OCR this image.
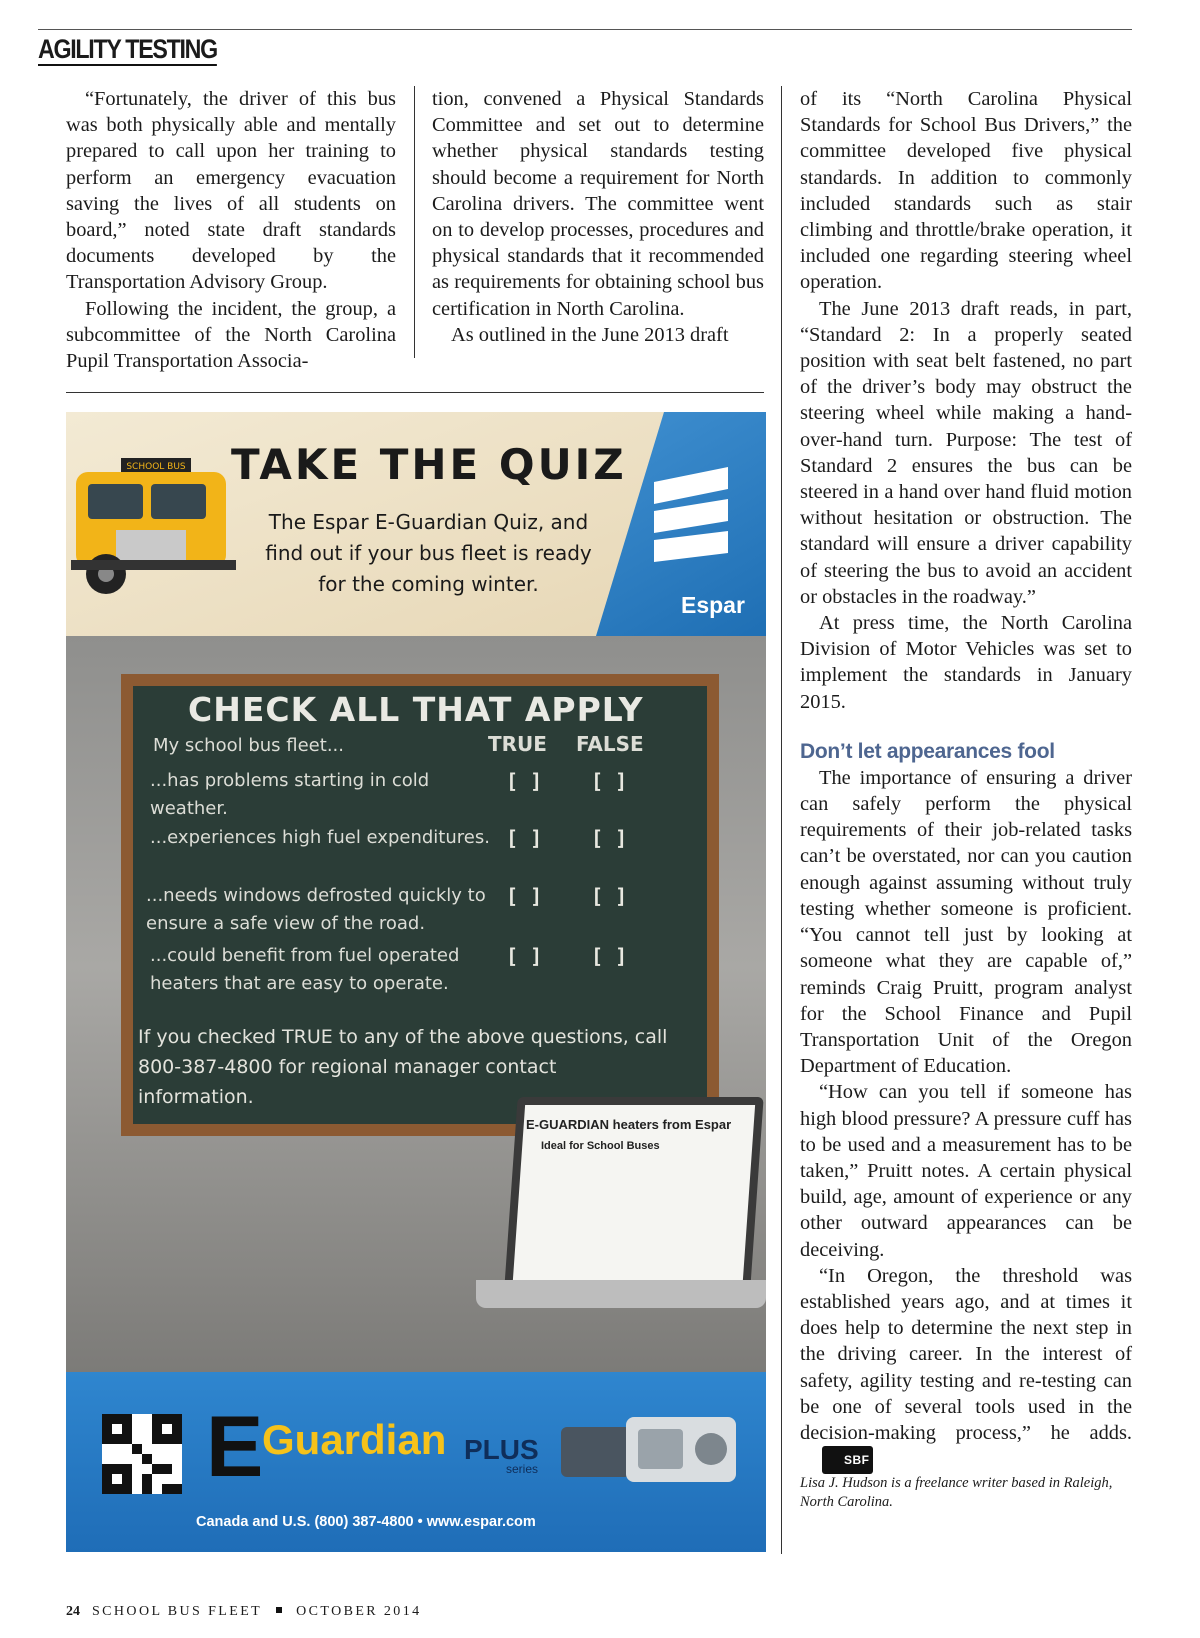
AGILITY TESTING

“Fortunately, the driver of this bus was both physically able and mentally prepared to call upon her training to perform an emergency evacuation saving the lives of all students on board,” noted state draft standards documents developed by the Transportation Advisory Group.

Following the incident, the group, a subcommittee of the North Carolina Pupil Transportation Associa-

tion, convened a Physical Standards Committee and set out to determine whether physical standards testing should become a requirement for North Carolina drivers. The committee went on to develop processes, procedures and physical standards that it recommended as requirements for obtaining school bus certification in North Carolina.

As outlined in the June 2013 draft

of its “North Carolina Physical Standards for School Bus Drivers,” the committee developed five physical standards. In addition to commonly included standards such as stair climbing and throttle/brake operation, it included one regarding steering wheel operation.

The June 2013 draft reads, in part, “Standard 2: In a properly seated position with seat belt fastened, no part of the driver’s body may obstruct the steering wheel while making a hand-over-hand turn. Purpose: The test of Standard 2 ensures the bus can be steered in a hand over hand fluid motion without hesitation or obstruction. The standard will ensure a driver capability of steering the bus to avoid an accident or obstacles in the roadway.”

At press time, the North Carolina Division of Motor Vehicles was set to implement the standards in January 2015.

Don’t let appearances fool

The importance of ensuring a driver can safely perform the physical requirements of their job-related tasks can’t be overstated, nor can you caution enough against assuming without truly testing whether someone is proficient. “You cannot tell just by looking at someone what they are capable of,” reminds Craig Pruitt, program analyst for the School Finance and Pupil Transportation Unit of the Oregon Department of Education.

“How can you tell if someone has high blood pressure? A pressure cuff has to be used and a measurement has to be taken,” Pruitt notes. A certain physical build, age, amount of experience or any other outward appearances can be deceiving.

“In Oregon, the threshold was established years ago, and at times it does help to determine the next step in the driving career. In the interest of safety, agility testing and re-testing can be one of several tools used in the decision-making process,” he adds.SBF

Lisa J. Hudson is a freelance writer based in Raleigh, North Carolina.

SCHOOL BUS TAKE THE QUIZ
The Espar E-Guardian Quiz, and find out if your bus fleet is ready for the coming winter.
Espar
CHECK ALL THAT APPLY
My school bus fleet...	TRUE FALSE
...has problems starting in cold weather.
[ ] [ ]
...experiences high fuel expenditures. [ ] [ ]
...needs windows defrosted quickly to ensure a safe view of the road.
[ ] [ ]
...could benefit from fuel operated heaters that are easy to operate.
[ ] [ ]
If you checked TRUE to any of the above questions, call 800-387-4800 for regional manager contact information.
E-GUARDIAN heaters from Espar
Ideal for School Buses
E
Guardian PLUS
series
Canada and U.S. (800) 387-4800 • www.espar.com
24 SCHOOL BUS FLEET OCTOBER 2014
